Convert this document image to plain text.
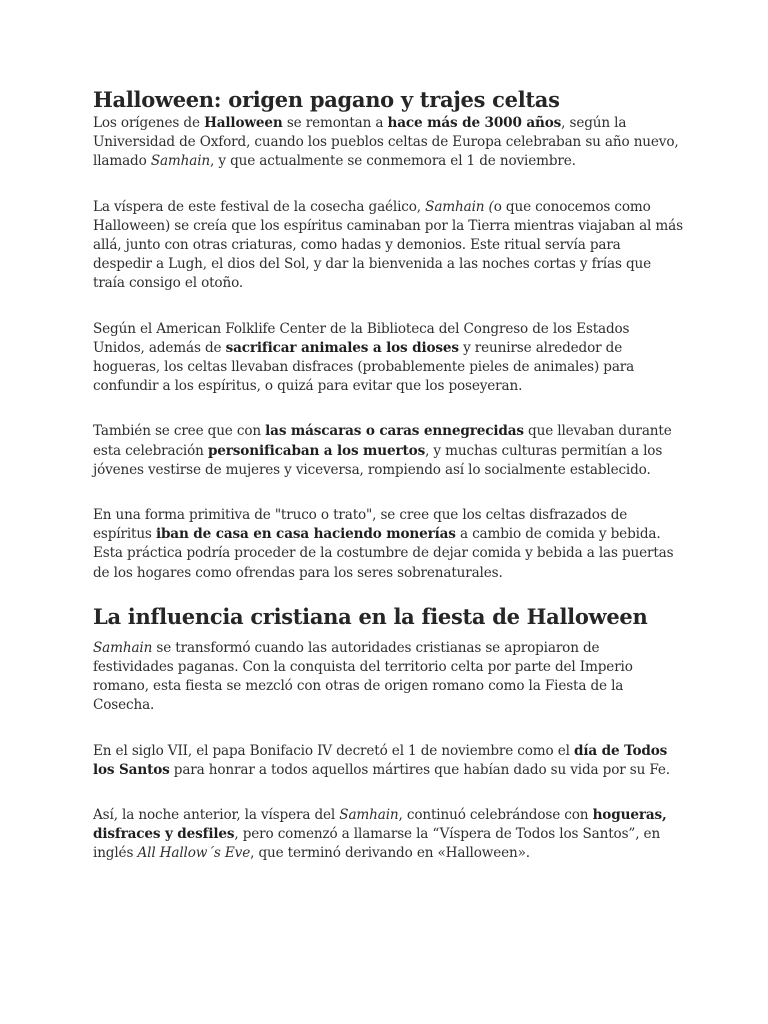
Halloween: origen pagano y trajes celtas

Los orígenes de Halloween se remontan a hace más de 3000 años, según la Universidad de Oxford, cuando los pueblos celtas de Europa celebraban su año nuevo, llamado Samhain, y que actualmente se conmemora el 1 de noviembre.

La víspera de este festival de la cosecha gaélico, Samhain (o que conocemos como Halloween) se creía que los espíritus caminaban por la Tierra mientras viajaban al más allá, junto con otras criaturas, como hadas y demonios. Este ritual servía para despedir a Lugh, el dios del Sol, y dar la bienvenida a las noches cortas y frías que traía consigo el otoño.

Según el American Folklife Center de la Biblioteca del Congreso de los Estados Unidos, además de sacrificar animales a los dioses y reunirse alrededor de hogueras, los celtas llevaban disfraces (probablemente pieles de animales) para confundir a los espíritus, o quizá para evitar que los poseyeran.

También se cree que con las máscaras o caras ennegrecidas que llevaban durante esta celebración personificaban a los muertos, y muchas culturas permitían a los jóvenes vestirse de mujeres y viceversa, rompiendo así lo socialmente establecido.

En una forma primitiva de "truco o trato", se cree que los celtas disfrazados de espíritus iban de casa en casa haciendo monerías a cambio de comida y bebida. Esta práctica podría proceder de la costumbre de dejar comida y bebida a las puertas de los hogares como ofrendas para los seres sobrenaturales.

La influencia cristiana en la fiesta de Halloween

Samhain se transformó cuando las autoridades cristianas se apropiaron de festividades paganas. Con la conquista del territorio celta por parte del Imperio romano, esta fiesta se mezcló con otras de origen romano como la Fiesta de la Cosecha.

En el siglo VII, el papa Bonifacio IV decretó el 1 de noviembre como el día de Todos los Santos para honrar a todos aquellos mártires que habían dado su vida por su Fe.

Así, la noche anterior, la víspera del Samhain, continuó celebrándose con hogueras, disfraces y desfiles, pero comenzó a llamarse la “Víspera de Todos los Santos”, en inglés All Hallow´s Eve, que terminó derivando en «Halloween».
